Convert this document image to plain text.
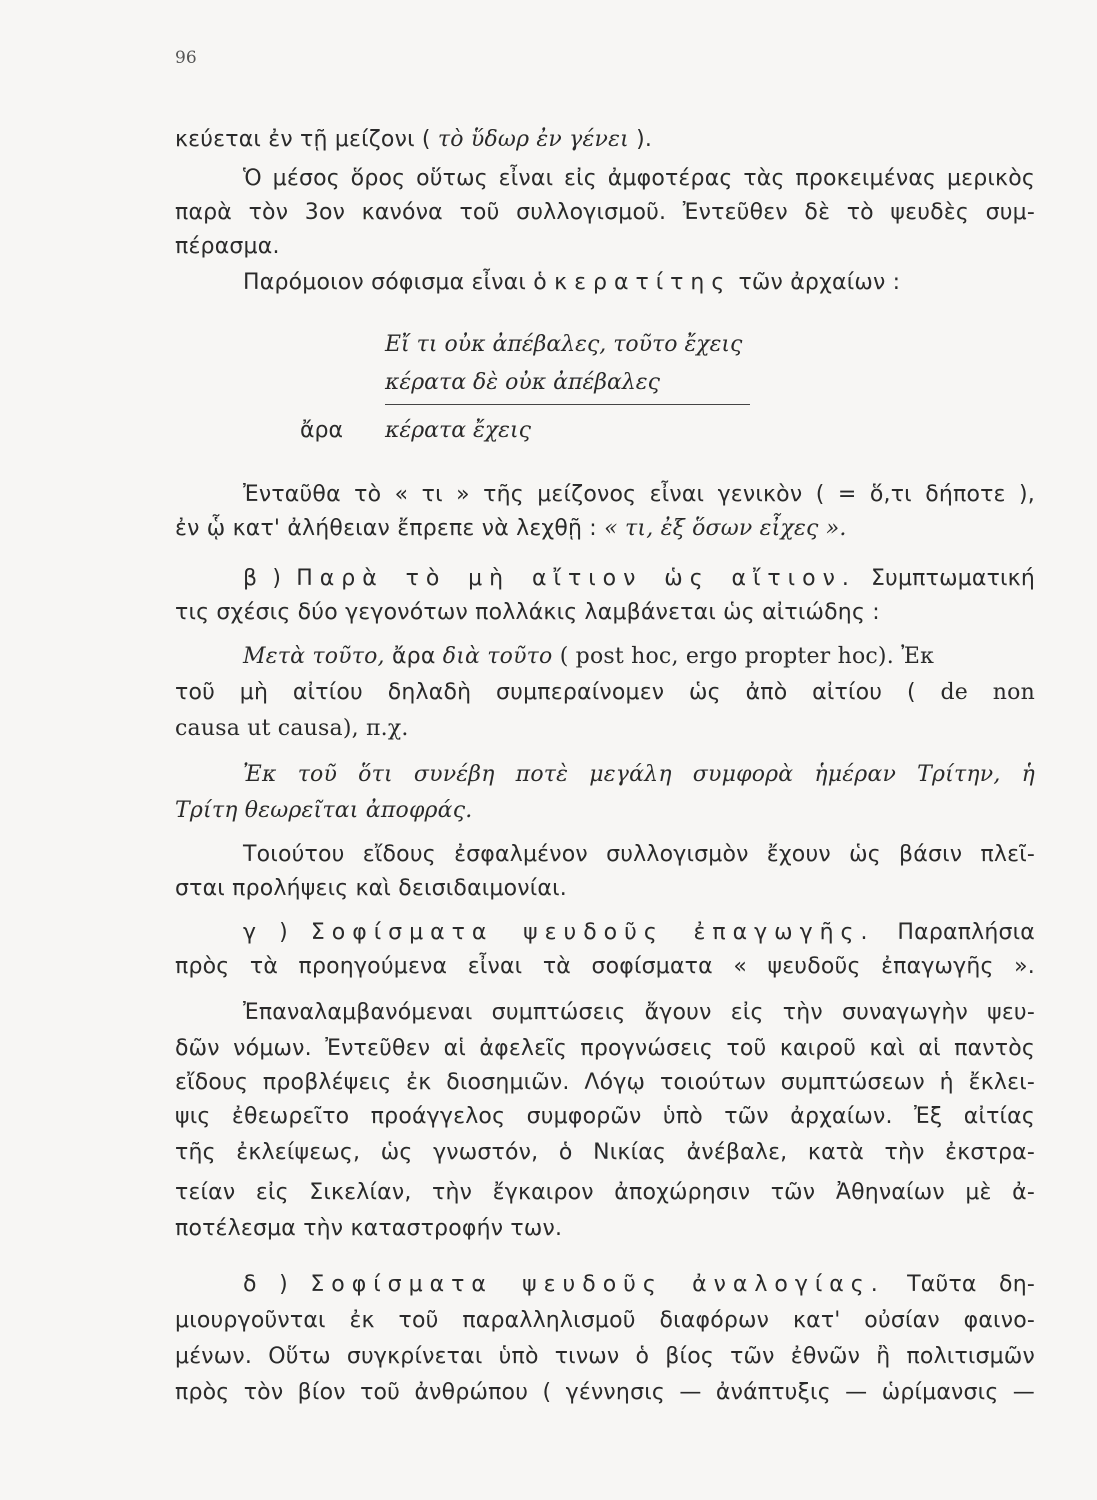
96
κεύεται ἐν τῇ μείζονι ( τὸ ὕδωρ ἐν γένει ).
Ὁ μέσος ὅρος οὕτως εἶναι εἰς ἀμφοτέρας τὰς προκειμένας μερικὸς
παρὰ τὸν 3ον κανόνα τοῦ συλλογισμοῦ. Ἐντεῦθεν δὲ τὸ ψευδὲς συμ-
πέρασμα.
Παρόμοιον σόφισμα εἶναι ὁ κερατίτης τῶν ἀρχαίων :
Εἴ τι οὐκ ἀπέβαλες, τοῦτο ἔχεις
κέρατα δὲ οὐκ ἀπέβαλες
ἄρα κέρατα ἔχεις
Ἐνταῦθα τὸ « τι » τῆς μείζονος εἶναι γενικὸν ( = ὅ,τι δήποτε ),
ἐν ᾧ κατ' ἀλήθειαν ἔπρεπε νὰ λεχθῇ : « τι, ἐξ ὅσων εἶχες ».
β ) Παρὰ τὸ μὴ αἴτιον ὡς αἴτιον. Συμπτωματική
τις σχέσις δύο γεγονότων πολλάκις λαμβάνεται ὡς αἰτιώδης :
Μετὰ τοῦτο, ἄρα διὰ τοῦτο ( post hoc, ergo propter hoc). Ἐκ
τοῦ μὴ αἰτίου δηλαδὴ συμπεραίνομεν ὡς ἀπὸ αἰτίου ( de non
causa ut causa), π.χ.
Ἐκ τοῦ ὅτι συνέβη ποτὲ μεγάλη συμφορὰ ἡμέραν Τρίτην, ἡ
Τρίτη θεωρεῖται ἀποφράς.
Τοιούτου εἴδους ἐσφαλμένον συλλογισμὸν ἔχουν ὡς βάσιν πλεῖ-
σται προλήψεις καὶ δεισιδαιμονίαι.
γ ) Σοφίσματα ψευδοῦς ἐπαγωγῆς. Παραπλήσια
πρὸς τὰ προηγούμενα εἶναι τὰ σοφίσματα « ψευδοῦς ἐπαγωγῆς ».
Ἐπαναλαμβανόμεναι συμπτώσεις ἄγουν εἰς τὴν συναγωγὴν ψευ-
δῶν νόμων. Ἐντεῦθεν αἱ ἀφελεῖς προγνώσεις τοῦ καιροῦ καὶ αἱ παντὸς
εἴδους προβλέψεις ἐκ διοσημιῶν. Λόγῳ τοιούτων συμπτώσεων ἡ ἔκλει-
ψις ἐθεωρεῖτο προάγγελος συμφορῶν ὑπὸ τῶν ἀρχαίων. Ἐξ αἰτίας
τῆς ἐκλείψεως, ὡς γνωστόν, ὁ Νικίας ἀνέβαλε, κατὰ τὴν ἐκστρα-
τείαν εἰς Σικελίαν, τὴν ἔγκαιρον ἀποχώρησιν τῶν Ἀθηναίων μὲ ἀ-
ποτέλεσμα τὴν καταστροφήν των.
δ ) Σοφίσματα ψευδοῦς ἀναλογίας. Ταῦτα δη-
μιουργοῦνται ἐκ τοῦ παραλληλισμοῦ διαφόρων κατ' οὐσίαν φαινο-
μένων. Οὕτω συγκρίνεται ὑπὸ τινων ὁ βίος τῶν ἐθνῶν ἢ πολιτισμῶν
πρὸς τὸν βίον τοῦ ἀνθρώπου ( γέννησις — ἀνάπτυξις — ὡρίμανσις —
